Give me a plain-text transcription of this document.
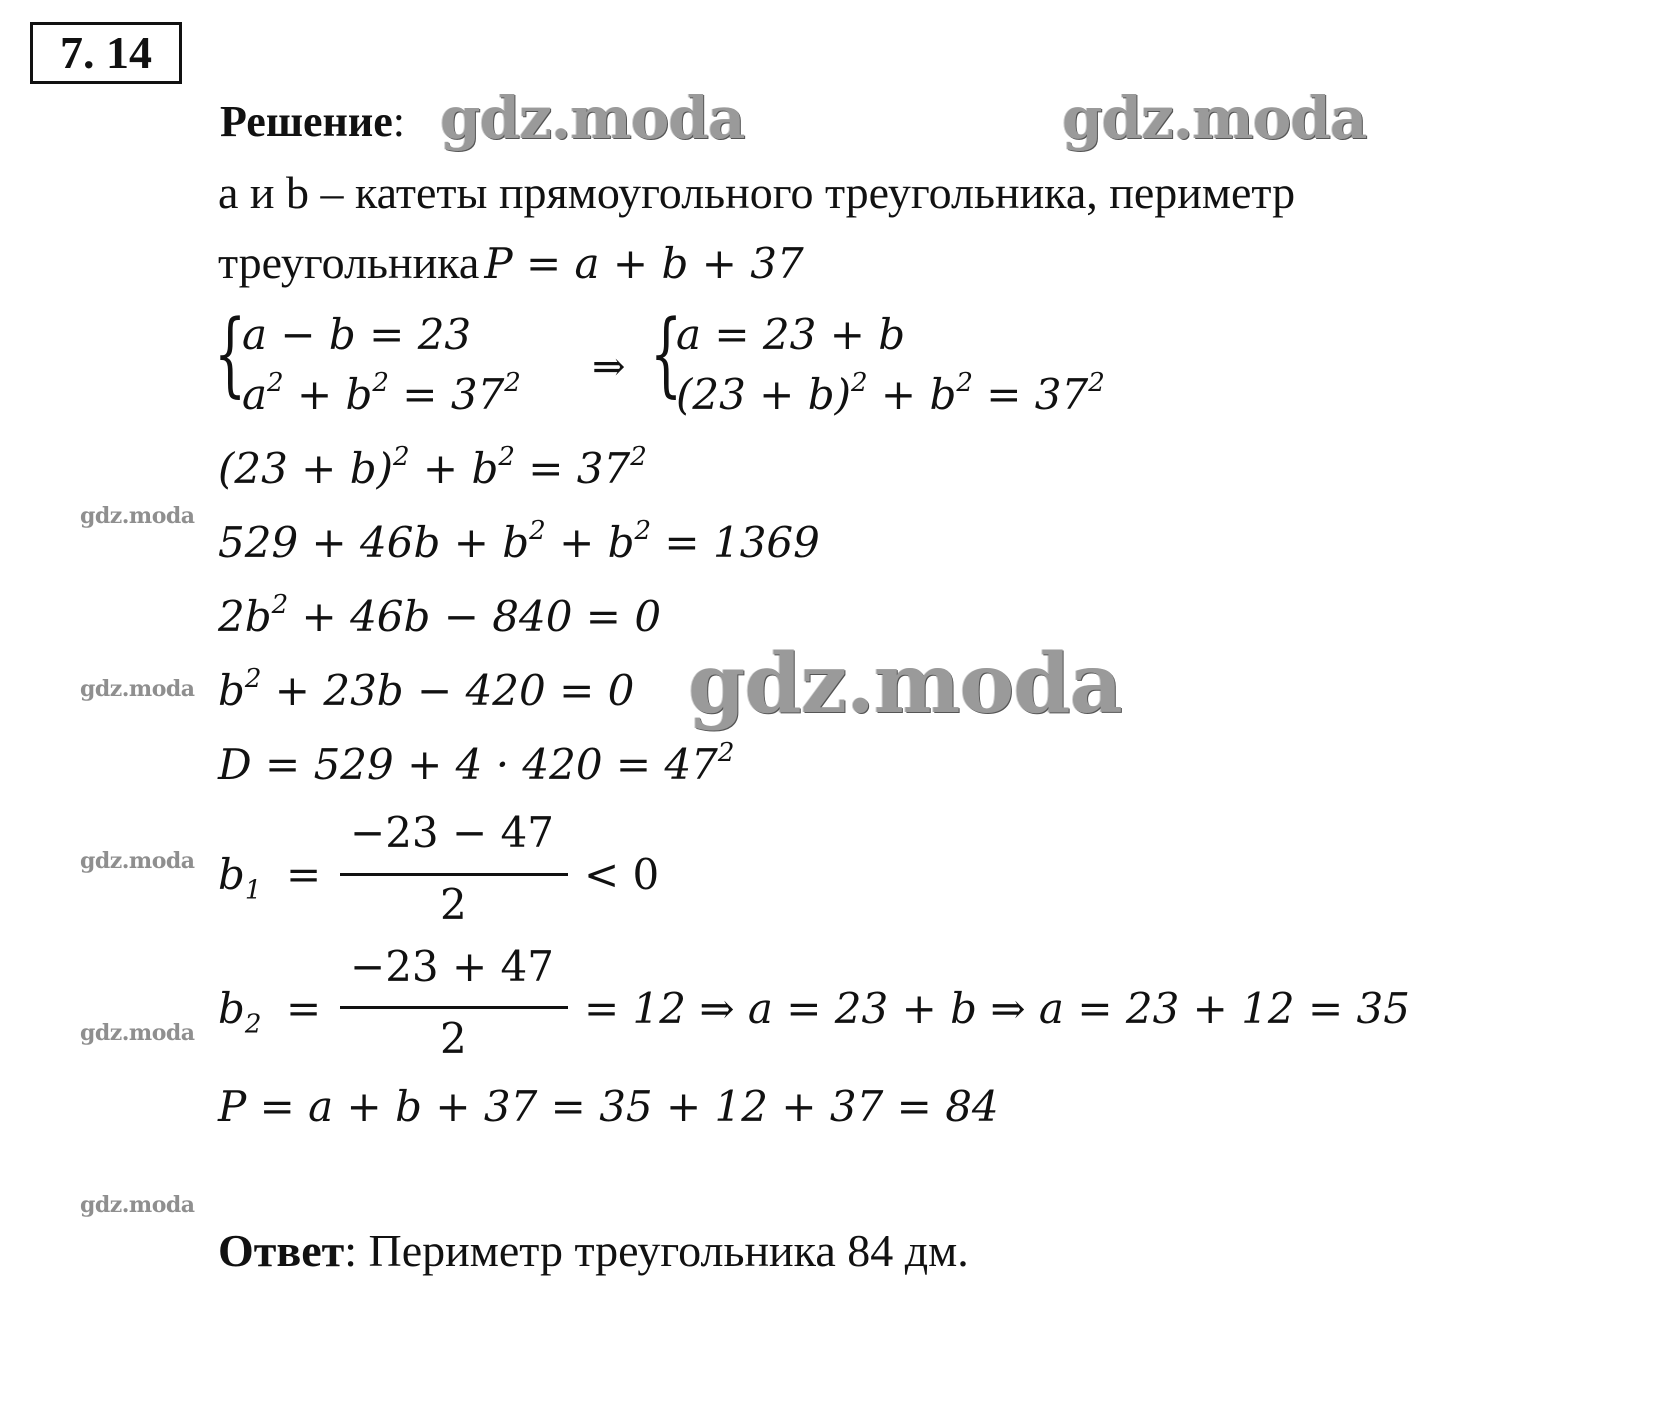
7. 14
Решение: gdz.moda	gdz.moda
gdz.moda
gdz.moda
gdz.moda
gdz.moda
gdz.moda
gdz.moda
a и b – катеты прямоугольного треугольника, периметр
треугольника P = a + b + 37
{
a − b = 23
$a^2 + b^2 = 37^2$ ⇒ {
a = 23 + b
$(23 + b)^2 + b^2 = 37^2$
$(23 + b)^2 + b^2 = 37^2$
$529 + 46b + b^2 + b^2 = 1369$
$2b^2 + 46b - 840 = 0$
$b^2 + 23b - 420 = 0$
$D = 529 + 4 \cdot 420 = 47^2$
$b_1$ =
−23 − 47
2
< 0
$b_2$ =
−23 + 47
2
= 12 ⇒ a = 23 + b ⇒ a = 23 + 12 = 35
P = a + b + 37 = 35 + 12 + 37 = 84
Ответ: Периметр треугольника 84 дм.
